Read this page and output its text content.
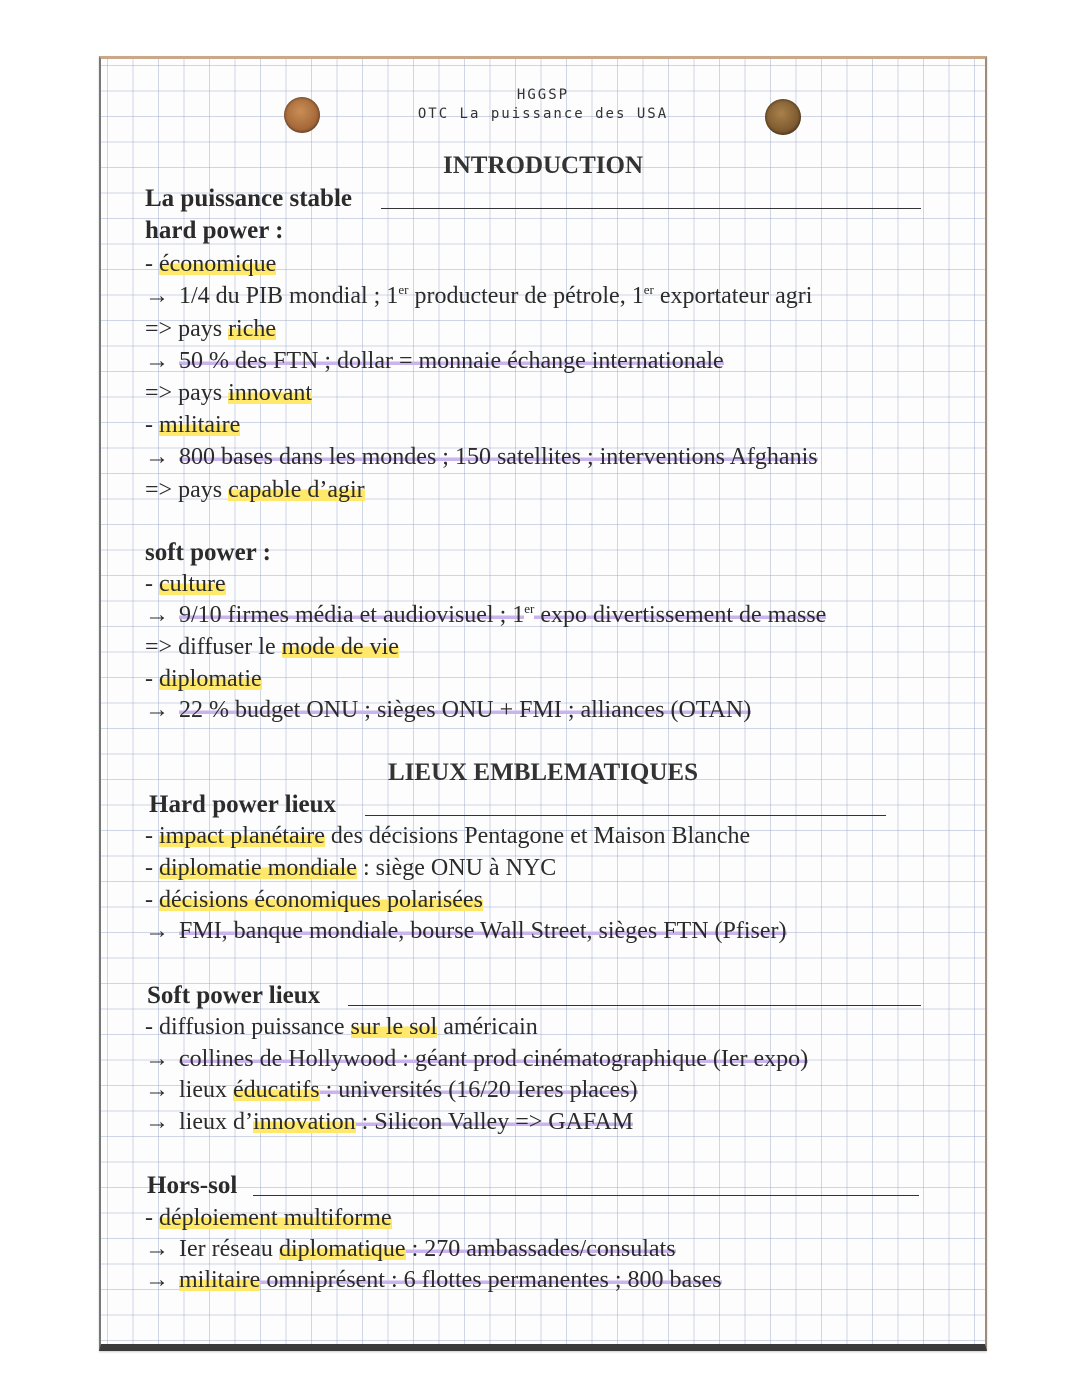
HGGSP
OTC La puissance des USA
INTRODUCTION
La puissance stable
hard power :
- économique
→ 1/4 du PIB mondial ; 1er producteur de pétrole, 1er exportateur agri
=> pays riche
→ 50 % des FTN ; dollar = monnaie échange internationale
=> pays innovant
- militaire
→ 800 bases dans les mondes ; 150 satellites ; interventions Afghanis
=> pays capable d’agir
soft power :
- culture
→ 9/10 firmes média et audiovisuel ; 1er expo divertissement de masse
=> diffuser le mode de vie
- diplomatie
→ 22 % budget ONU ; sièges ONU + FMI ; alliances (OTAN)
LIEUX EMBLEMATIQUES
Hard power lieux
- impact planétaire des décisions Pentagone et Maison Blanche
- diplomatie mondiale : siège ONU à NYC
- décisions économiques polarisées
→ FMI, banque mondiale, bourse Wall Street, sièges FTN (Pfiser)
Soft power lieux
- diffusion puissance sur le sol américain
→ collines de Hollywood : géant prod cinématographique (Ier expo)
→ lieux éducatifs : universités (16/20 Ieres places)
→ lieux d’innovation : Silicon Valley => GAFAM
Hors-sol
- déploiement multiforme
→ Ier réseau diplomatique : 270 ambassades/consulats
→ militaire omniprésent : 6 flottes permanentes ; 800 bases
